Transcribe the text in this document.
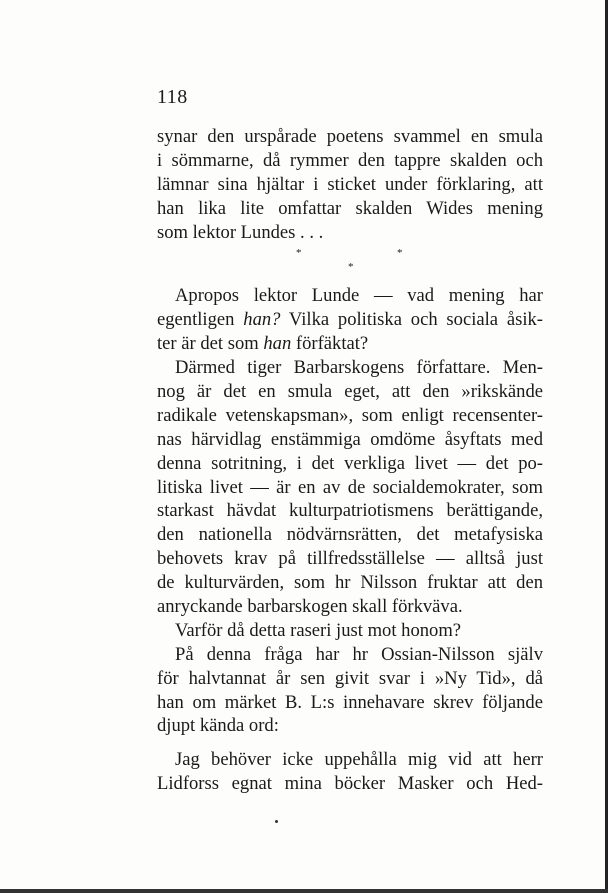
118
synar den urspårade poetens svammel en smula
i sömmarne, då rymmer den tappre skalden och
lämnar sina hjältar i sticket under förklaring, att
han lika lite omfattar skalden Wides mening
som lektor Lundes . . .
*	*
*
Apropos lektor Lunde — vad mening har
egentligen han? Vilka politiska och sociala åsik-
ter är det som han förfäktat?
Därmed tiger Barbarskogens författare. Men-
nog är det en smula eget, att den »rikskände
radikale vetenskapsman», som enligt recensenter-
nas härvidlag enstämmiga omdöme åsyftats med
denna sotritning, i det verkliga livet — det po-
litiska livet — är en av de socialdemokrater, som
starkast hävdat kulturpatriotismens berättigande,
den nationella nödvärnsrätten, det metafysiska
behovets krav på tillfredsställelse — alltså just
de kulturvärden, som hr Nilsson fruktar att den
anryckande barbarskogen skall förkväva.
Varför då detta raseri just mot honom?
På denna fråga har hr Ossian-Nilsson själv
för halvtannat år sen givit svar i »Ny Tid», då
han om märket B. L:s innehavare skrev följande
djupt kända ord:
Jag behöver icke uppehålla mig vid att herr
Lidforss egnat mina böcker Masker och Hed-
